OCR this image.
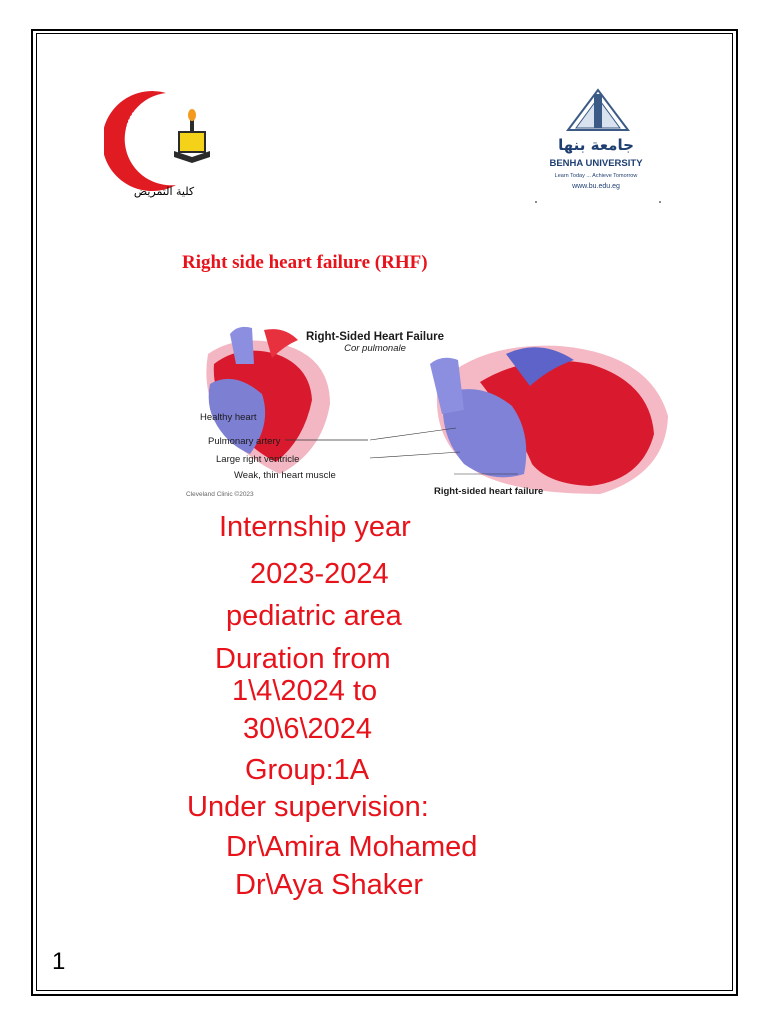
كلية التمريض
جامعة بنها
BENHA UNIVERSITY
Learn Today ... Achieve Tomorrow
www.bu.edu.eg
Right side heart failure (RHF)
Right-Sided Heart Failure
Cor pulmonale
Healthy heart
Pulmonary artery
Large right ventricle
Weak, thin heart muscle
Cleveland Clinic ©2023	Right-sided heart failure
Internship year
2023-2024
pediatric area
Duration from
1\4\2024 to
30\6\2024
Group:1A
Under supervision:
Dr\Amira Mohamed
Dr\Aya Shaker
1
